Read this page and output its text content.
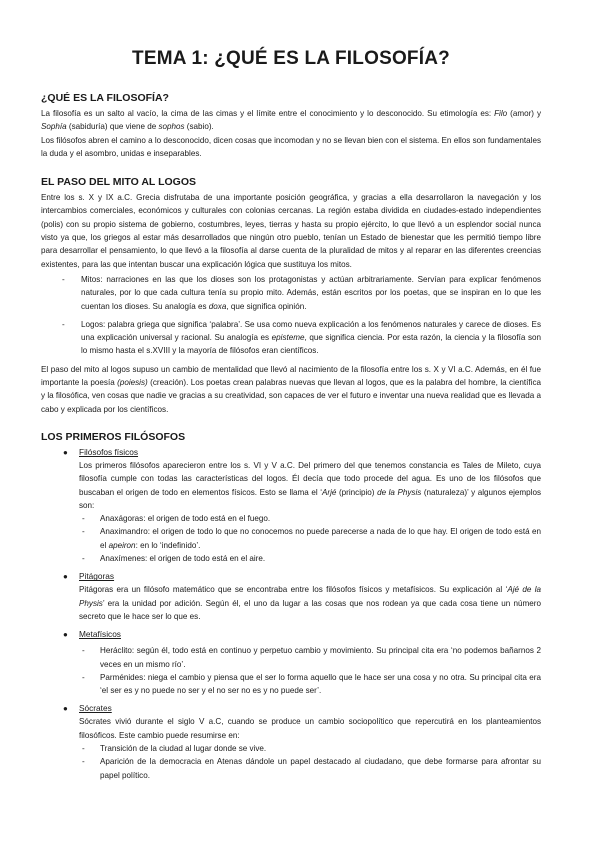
TEMA 1: ¿QUÉ ES LA FILOSOFÍA?
¿QUÉ ES LA FILOSOFÍA?

La filosofía es un salto al vacío, la cima de las cimas y el límite entre el conocimiento y lo desconocido. Su etimología es: Filo (amor) y Sophía (sabiduría) que viene de sophos (sabio).

Los filósofos abren el camino a lo desconocido, dicen cosas que incomodan y no se llevan bien con el sistema. En ellos son fundamentales la duda y el asombro, unidas e inseparables.

EL PASO DEL MITO AL LOGOS

Entre los s. X y IX a.C. Grecia disfrutaba de una importante posición geográfica, y gracias a ella desarrollaron la navegación y los intercambios comerciales, económicos y culturales con colonias cercanas. La región estaba dividida en ciudades-estado independientes (polis) con su propio sistema de gobierno, costumbres, leyes, tierras y hasta su propio ejército, lo que llevó a un esplendor social nunca visto ya que, los griegos al estar más desarrollados que ningún otro pueblo, tenían un Estado de bienestar que les permitió tiempo libre para desarrollar el pensamiento, lo que llevó a la filosofía al darse cuenta de la pluralidad de mitos y al reparar en las diferentes creencias existentes, para las que intentan buscar una explicación lógica que sustituya los mitos.

- Mitos: narraciones en las que los dioses son los protagonistas y actúan arbitrariamente. Servían para explicar fenómenos naturales, por lo que cada cultura tenía su propio mito. Además, están escritos por los poetas, que se inspiran en lo que les cuentan los dioses. Su analogía es doxa, que significa opinión.
- Logos: palabra griega que significa ‘palabra’. Se usa como nueva explicación a los fenómenos naturales y carece de dioses. Es una explicación universal y racional. Su analogía es episteme, que significa ciencia. Por esta razón, la ciencia y la filosofía son lo mismo hasta el s.XVIII y la mayoría de filósofos eran científicos.

El paso del mito al logos supuso un cambio de mentalidad que llevó al nacimiento de la filosofía entre los s. X y VI a.C. Además, en él fue importante la poesía (poiesis) (creación). Los poetas crean palabras nuevas que llevan al logos, que es la palabra del hombre, la científica y la filosófica, ven cosas que nadie ve gracias a su creatividad, son capaces de ver el futuro e inventar una nueva realidad que es llevada a cabo y explicada por los científicos.

LOS PRIMEROS FILÓSOFOS
● Filósofos físicos

Los primeros filósofos aparecieron entre los s. VI y V a.C. Del primero del que tenemos constancia es Tales de Mileto, cuya filosofía cumple con todas las características del logos. Él decía que todo procede del agua. Es uno de los filósofos que buscaban el origen de todo en elementos físicos. Esto se llama el ‘Arjé (principio) de la Physis (naturaleza)’ y algunos ejemplos son:

- Anaxágoras: el origen de todo está en el fuego.
- Anaximandro: el origen de todo lo que no conocemos no puede parecerse a nada de lo que hay. El origen de todo está en el apeiron: en lo ‘indefinido’.
- Anaxímenes: el origen de todo está en el aire.
● Pitágoras

Pitágoras era un filósofo matemático que se encontraba entre los filósofos físicos y metafísicos. Su explicación al ‘Ajé de la Physis’ era la unidad por adición. Según él, el uno da lugar a las cosas que nos rodean ya que cada cosa tiene un número secreto que le hace ser lo que es.

● Metafísicos
- Heráclito: según él, todo está en continuo y perpetuo cambio y movimiento. Su principal cita era ‘no podemos bañarnos 2 veces en un mismo río’.
- Parménides: niega el cambio y piensa que el ser lo forma aquello que le hace ser una cosa y no otra. Su principal cita era ‘el ser es y no puede no ser y el no ser no es y no puede ser’.
● Sócrates

Sócrates vivió durante el siglo V a.C, cuando se produce un cambio sociopolítico que repercutirá en los planteamientos filosóficos. Este cambio puede resumirse en:

- Transición de la ciudad al lugar donde se vive.
- Aparición de la democracia en Atenas dándole un papel destacado al ciudadano, que debe formarse para afrontar su papel político.
